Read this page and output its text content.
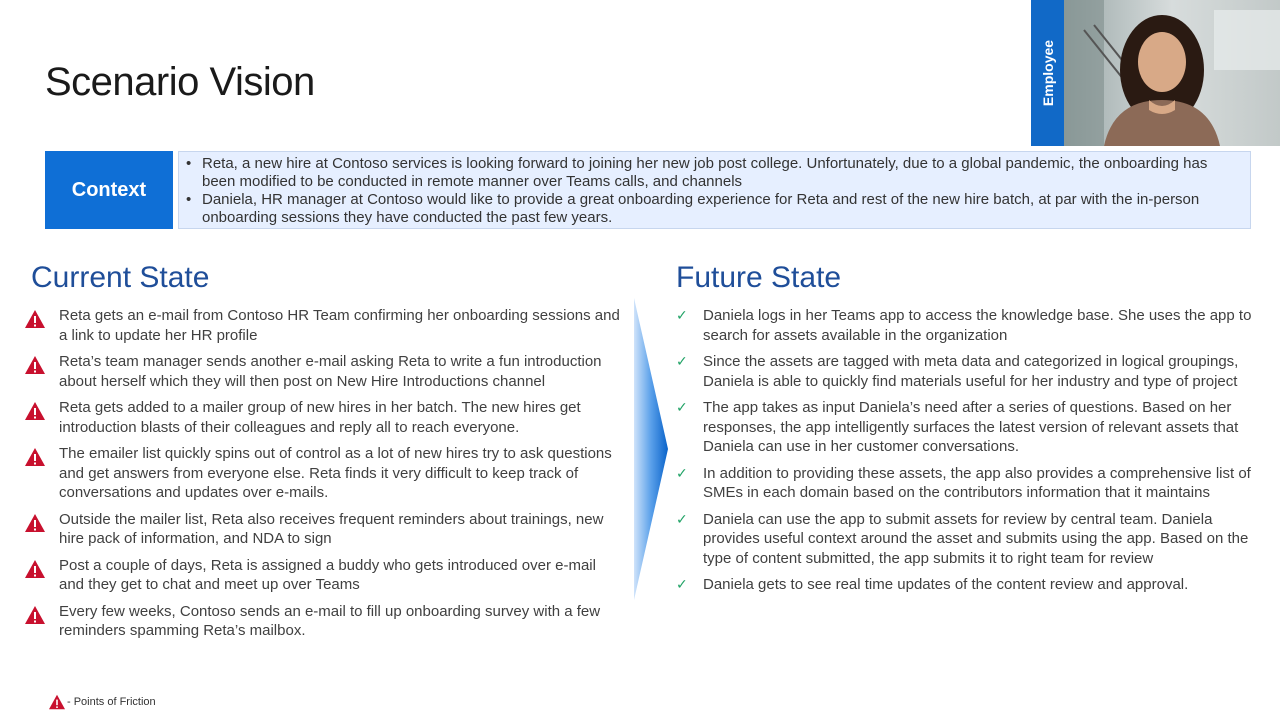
Scenario Vision	Employee
Context
• Reta, a new hire at Contoso services is looking forward to joining her new job post college. Unfortunately, due to a global pandemic, the onboarding has been modified to be conducted in remote manner over Teams calls, and channels
• Daniela, HR manager at Contoso would like to provide a great onboarding experience for Reta and rest of the new hire batch, at par with the in-person onboarding sessions they have conducted the past few years.
Current State	Future State
Reta gets an e-mail from Contoso HR Team confirming her onboarding sessions and a link to update her HR profile
Reta’s team manager sends another e-mail asking Reta to write a fun introduction about herself which they will then post on New Hire Introductions channel
Reta gets added to a mailer group of new hires in her batch. The new hires get introduction blasts of their colleagues and reply all to reach everyone.
The emailer list quickly spins out of control as a lot of new hires try to ask questions and get answers from everyone else. Reta finds it very difficult to keep track of conversations and updates over e-mails.
Outside the mailer list, Reta also receives frequent reminders about trainings, new hire pack of information, and NDA to sign
Post a couple of days, Reta is assigned a buddy who gets introduced over e-mail and they get to chat and meet up over Teams
Every few weeks, Contoso sends an e-mail to fill up onboarding survey with a few reminders spamming Reta’s mailbox.
✓ Daniela logs in her Teams app to access the knowledge base. She uses the app to search for assets available in the organization
✓ Since the assets are tagged with meta data and categorized in logical groupings, Daniela is able to quickly find materials useful for her industry and type of project
✓ The app takes as input Daniela’s need after a series of questions. Based on her responses, the app intelligently surfaces the latest version of relevant assets that Daniela can use in her customer conversations.
✓ In addition to providing these assets, the app also provides a comprehensive list of SMEs in each domain based on the contributors information that it maintains
✓ Daniela can use the app to submit assets for review by central team. Daniela provides useful context around the asset and submits using the app. Based on the type of content submitted, the app submits it to right team for review
✓ Daniela gets to see real time updates of the content review and approval.
- Points of Friction
